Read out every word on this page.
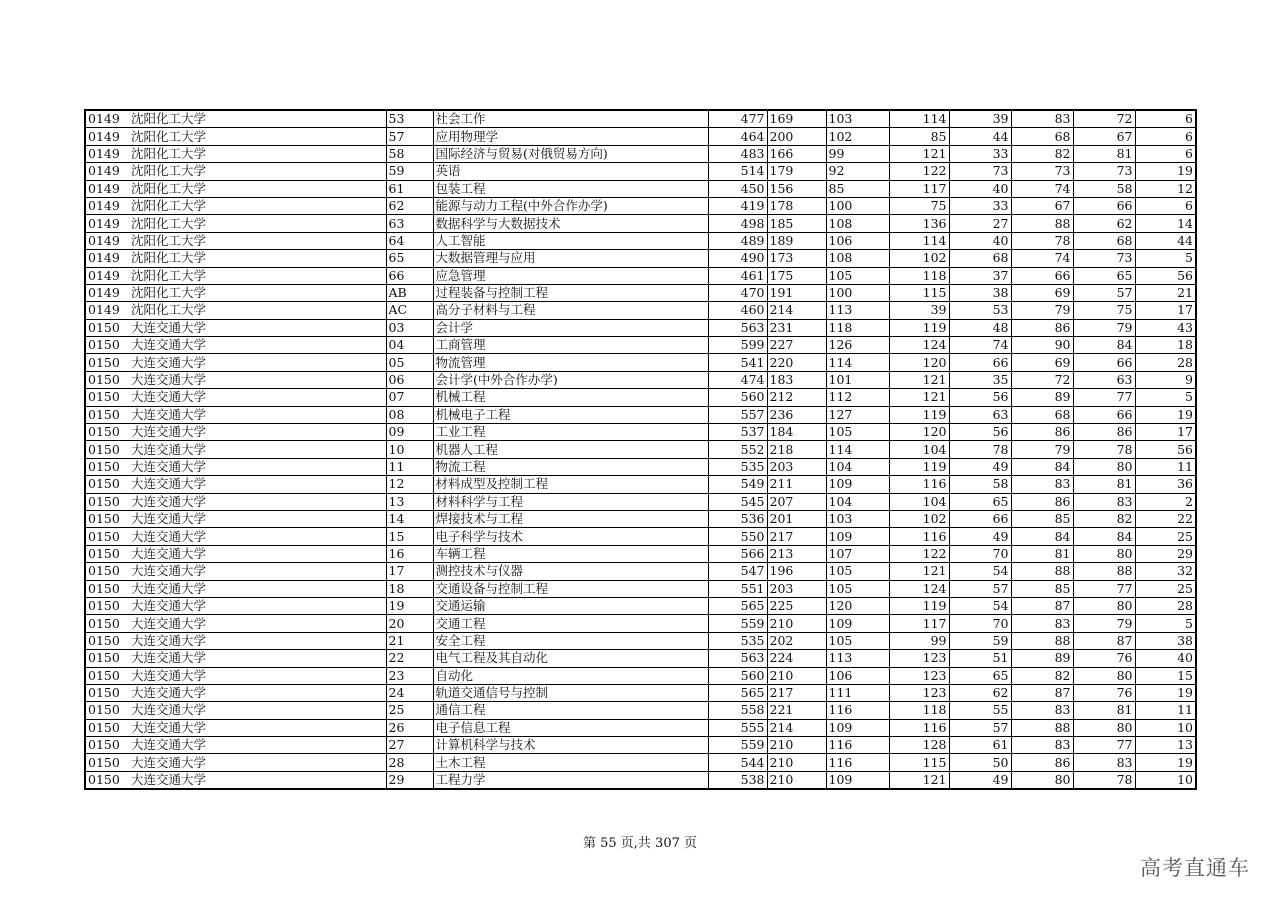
0149	沈阳化工大学	53	社会工作	477	169	103	114	39	83	72	6
0149	沈阳化工大学	57	应用物理学	464	200	102	85	44	68	67	6
0149	沈阳化工大学	58	国际经济与贸易(对俄贸易方向)	483	166	99	121	33	82	81	6
0149	沈阳化工大学	59	英语	514	179	92	122	73	73	73	19
0149	沈阳化工大学	61	包装工程	450	156	85	117	40	74	58	12
0149	沈阳化工大学	62	能源与动力工程(中外合作办学)	419	178	100	75	33	67	66	6
0149	沈阳化工大学	63	数据科学与大数据技术	498	185	108	136	27	88	62	14
0149	沈阳化工大学	64	人工智能	489	189	106	114	40	78	68	44
0149	沈阳化工大学	65	大数据管理与应用	490	173	108	102	68	74	73	5
0149	沈阳化工大学	66	应急管理	461	175	105	118	37	66	65	56
0149	沈阳化工大学	AB	过程装备与控制工程	470	191	100	115	38	69	57	21
0149	沈阳化工大学	AC	高分子材料与工程	460	214	113	39	53	79	75	17
0150	大连交通大学	03	会计学	563	231	118	119	48	86	79	43
0150	大连交通大学	04	工商管理	599	227	126	124	74	90	84	18
0150	大连交通大学	05	物流管理	541	220	114	120	66	69	66	28
0150	大连交通大学	06	会计学(中外合作办学)	474	183	101	121	35	72	63	9
0150	大连交通大学	07	机械工程	560	212	112	121	56	89	77	5
0150	大连交通大学	08	机械电子工程	557	236	127	119	63	68	66	19
0150	大连交通大学	09	工业工程	537	184	105	120	56	86	86	17
0150	大连交通大学	10	机器人工程	552	218	114	104	78	79	78	56
0150	大连交通大学	11	物流工程	535	203	104	119	49	84	80	11
0150	大连交通大学	12	材料成型及控制工程	549	211	109	116	58	83	81	36
0150	大连交通大学	13	材料科学与工程	545	207	104	104	65	86	83	2
0150	大连交通大学	14	焊接技术与工程	536	201	103	102	66	85	82	22
0150	大连交通大学	15	电子科学与技术	550	217	109	116	49	84	84	25
0150	大连交通大学	16	车辆工程	566	213	107	122	70	81	80	29
0150	大连交通大学	17	测控技术与仪器	547	196	105	121	54	88	88	32
0150	大连交通大学	18	交通设备与控制工程	551	203	105	124	57	85	77	25
0150	大连交通大学	19	交通运输	565	225	120	119	54	87	80	28
0150	大连交通大学	20	交通工程	559	210	109	117	70	83	79	5
0150	大连交通大学	21	安全工程	535	202	105	99	59	88	87	38
0150	大连交通大学	22	电气工程及其自动化	563	224	113	123	51	89	76	40
0150	大连交通大学	23	自动化	560	210	106	123	65	82	80	15
0150	大连交通大学	24	轨道交通信号与控制	565	217	111	123	62	87	76	19
0150	大连交通大学	25	通信工程	558	221	116	118	55	83	81	11
0150	大连交通大学	26	电子信息工程	555	214	109	116	57	88	80	10
0150	大连交通大学	27	计算机科学与技术	559	210	116	128	61	83	77	13
0150	大连交通大学	28	土木工程	544	210	116	115	50	86	83	19
0150	大连交通大学	29	工程力学	538	210	109	121	49	80	78	10
第 55 页,共 307 页
高考直通车
